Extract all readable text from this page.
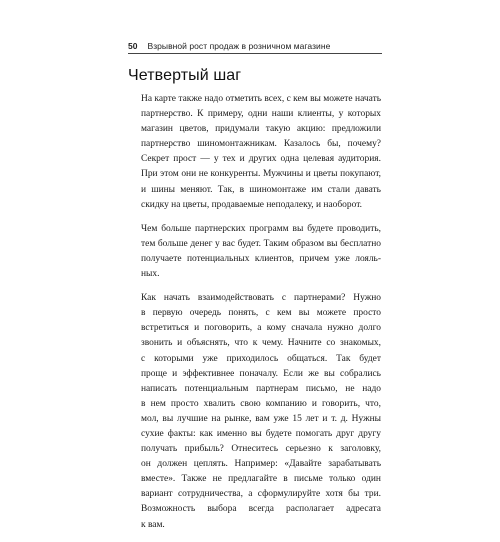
50 Взрывной рост продаж в розничном магазине
Четвертый шаг

На карте также надо отметить всех, с кем вы можете начать
партнерство. К примеру, одни наши клиенты, у которых
магазин цветов, придумали такую акцию: предложили
партнерство шиномонтажникам. Казалось бы, почему?
Секрет прост — у тех и других одна целевая аудитория.
При этом они не конкуренты. Мужчины и цветы покупают,
и шины меняют. Так, в шиномонтаже им стали давать
скидку на цветы, продаваемые неподалеку, и наоборот.

Чем больше партнерских программ вы будете проводить,
тем больше денег у вас будет. Таким образом вы бесплатно
получаете потенциальных клиентов, причем уже лояль-
ных.

Как начать взаимодействовать с партнерами? Нужно
в первую очередь понять, с кем вы можете просто
встретиться и поговорить, а кому сначала нужно долго
звонить и объяснять, что к чему. Начните со знакомых,
с которыми уже приходилось общаться. Так будет
проще и эффективнее поначалу. Если же вы собрались
написать потенциальным партнерам письмо, не надо
в нем просто хвалить свою компанию и говорить, что,
мол, вы лучшие на рынке, вам уже 15 лет и т. д. Нужны
сухие факты: как именно вы будете помогать друг другу
получать прибыль? Отнеситесь серьезно к заголовку,
он должен цеплять. Например: «Давайте зарабатывать
вместе». Также не предлагайте в письме только один
вариант сотрудничества, а сформулируйте хотя бы три.
Возможность выбора всегда располагает адресата
к вам.
